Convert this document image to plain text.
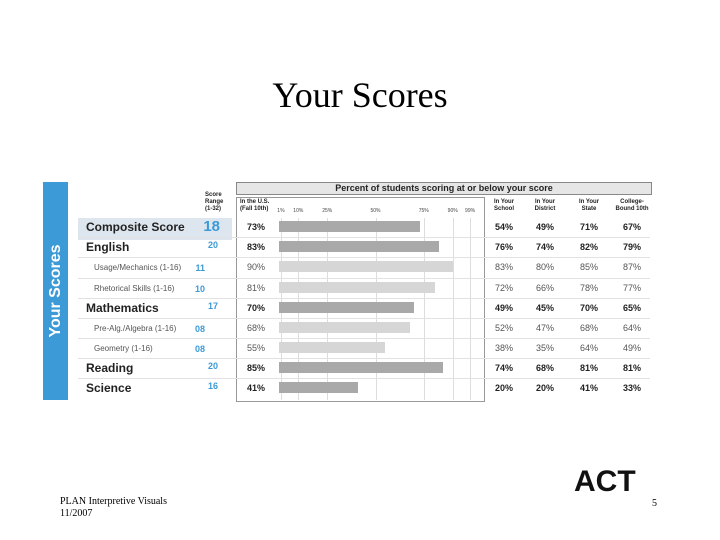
Your Scores
Your Scores
Score
Range
(1-32)
Percent of students scoring at or below your score
In the U.S.
(Fall 10th) 1% 10%	25%	50%	75%	90% 99%
In Your
School
In Your
District
In Your
State
College-
Bound 10th
Composite Score	18	73%	54%	49%	71%	67%
English	20	83%	76%	74%	82%	79%
Usage/Mechanics (1-16)	11	90%	83%	80%	85%	87%
Rhetorical Skills (1-16)	10	81%	72%	66%	78%	77%
Mathematics	17	70%	49%	45%	70%	65%
Pre-Alg./Algebra (1-16)	08	68%	52%	47%	68%	64%
Geometry (1-16)	08	55%	38%	35%	64%	49%
Reading	20	85%	74%	68%	81%	81%
Science	16	41%	20%	20%	41%	33%
ACT
PLAN Interpretive Visuals
11/2007
5
